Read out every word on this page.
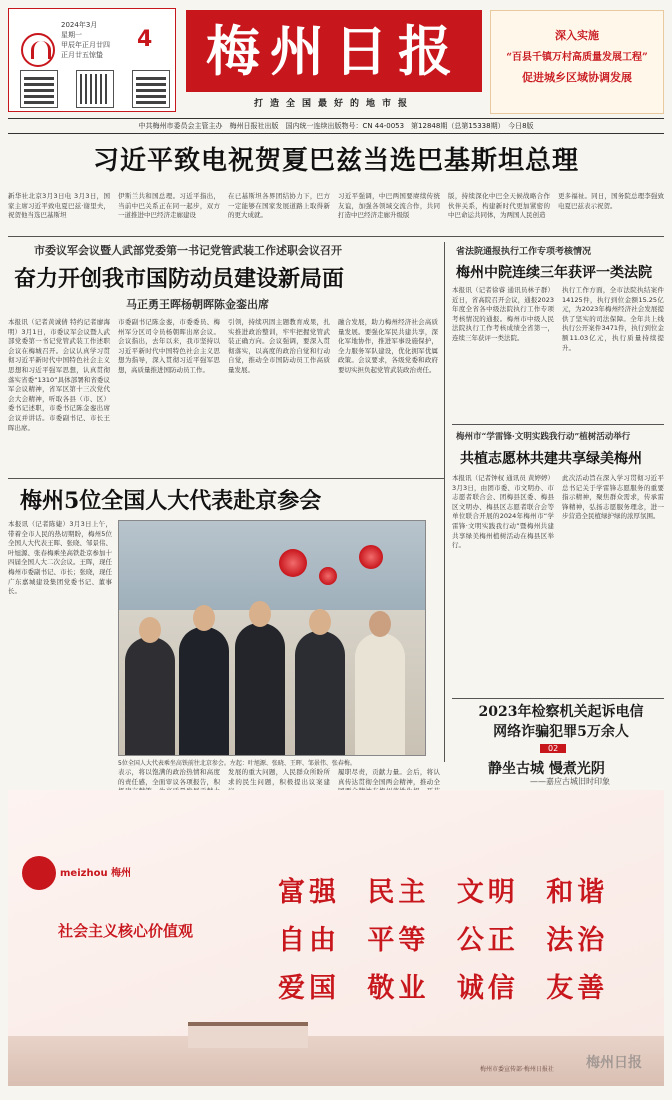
2024年3月
星期一
甲辰年正月廿四
正月廿五惊蛰
4 梅州日报
打造全国最好的地市报
深入实施
“百县千镇万村高质量发展工程”
促进城乡区域协调发展
中共梅州市委员会主管主办　梅州日报社出版　国内统一连续出版物号：CN 44-0053　第12848期（总第15338期）　今日8版
习近平致电祝贺夏巴兹当选巴基斯坦总理
新华社北京3月3日电 3月3日，国家主席习近平致电夏巴兹·谢里夫，祝贺他当选巴基斯坦
伊斯兰共和国总理。习近平指出，当前中巴关系正在同一起步，双方一道推进中巴经济走廊建设
在已基斯坦各界团结协力下，巴方一定能够在国家发展道路上取得新的更大成就。
习近平强调，中巴两国要赓续传统友谊，加强各领域交流合作，共同打造中巴经济走廊升级版
版，持续深化中巴全天候战略合作伙伴关系，构建新时代更加紧密的中巴命运共同体，为两国人民创造
更多福祉。同日，国务院总理李强致电夏巴兹表示祝贺。
市委议军会议暨人武部党委第一书记党管武装工作述职会议召开
奋力开创我市国防动员建设新局面
马正勇王晖杨朝晖陈金銮出席
本报讯（记者黄诚倩 特约记者廖海明）3月1日，市委议军会议暨人武部党委第一书记党管武装工作述职会议在梅城召开。会议认真学习贯彻习近平新时代中国特色社会主义思想和习近平强军思想，认真贯彻落实省委“1310”具体部署和省委议军会议精神，省军区第十三次党代会大会精神，听取各县（市、区）委书记述职，市委书记陈金銮出席会议并讲话。市委副书记、市长王晖出席。
市委副书记陈金銮，市委委员、梅州军分区司令员杨朝晖出席会议。会议指出，去年以来，我市坚持以习近平新时代中国特色社会主义思想为指导，深入贯彻习近平强军思想，高质量推进国防动员工作。
引领，持续巩固主题教育成果，扎实推进政治整训，牢牢把握党管武装正确方向。会议强调，要深入贯彻落实，以高度的政治自觉和行动自觉，推动全市国防动员工作高质量发展。
融合发展，助力梅州经济社会高质量发展。要强化军民共建共享，深化军地协作，推进军事设施保护，全力服务军队建设，优化拥军优属政策。会议要求，各级党委和政府要切实担负起党管武装政治责任。
省法院通报执行工作专项考核情况
梅州中院连续三年获评一类法院
本报讯（记者徐睿 通讯员林子群）近日，省高院召开会议，通报2023年度全省各中级法院执行工作专项考核情况的通报。梅州市中级人民法院执行工作考核成绩全省第一，连续三年获评一类法院。
执行工作方面，全市法院执结案件14125件，执行到位金额15.25亿元，为2023年梅州经济社会发展提供了坚实的司法保障。全年共上线执行公开案件3471件，执行到位金额11.03亿元，执行质量持续提升。
梅州市“学雷锋·文明实践我行动”植树活动举行
共植志愿林共建共享绿美梅州
本报讯（记者钟权 通讯员 黄婷婷）3月3日，由团市委、市文明办、市志愿者联合会、团梅县区委、梅县区文明办、梅县区志愿者联合会等单位联合开展的2024年梅州市“学雷锋·文明实践我行动”暨梅州共建共享绿美梅州植树活动在梅县区举行。
此次活动旨在深入学习贯彻习近平总书记关于学雷锋志愿服务的重要指示精神，聚焦群众需求，传承雷锋精神，弘扬志愿服务理念，进一步营造全民植绿护绿的浓厚氛围。
2023年检察机关起诉电信网络诈骗犯罪5万余人
02
静坐古城 慢煮光阴
——嘉应古城旧时印象
梅州5位全国人大代表赴京参会
本报讯（记者陈婕）3月3日上午，带着全市人民的热切期盼，梅州5位全国人大代表王晖、张晓、邹景伟、叶旭源、张春梅乘坐高铁赴京参加十四届全国人大二次会议。王晖，现任梅州市委副书记、市长；张晓，现任广东嘉城建设集团党委书记、董事长。
5位全国人大代表乘坐高铁前往北京参会。左起：叶旭源、张晓、王晖、邹景伟、张春梅。
表示，将以饱满的政治热情和高度的责任感，全面审议各项报告，积
发展的重大问题，人民群众所盼所求的民生问题，积极提出议案建
履职尽责，贡献力量。会后，将认真传达贯彻全国两会精神，推动全
meizhou 梅州
社会主义核心价值观
富强 民主 文明 和谐
自由 平等 公正 法治
爱国 敬业 诚信 友善
梅州市委宣传部·梅州日报社 梅州日报
